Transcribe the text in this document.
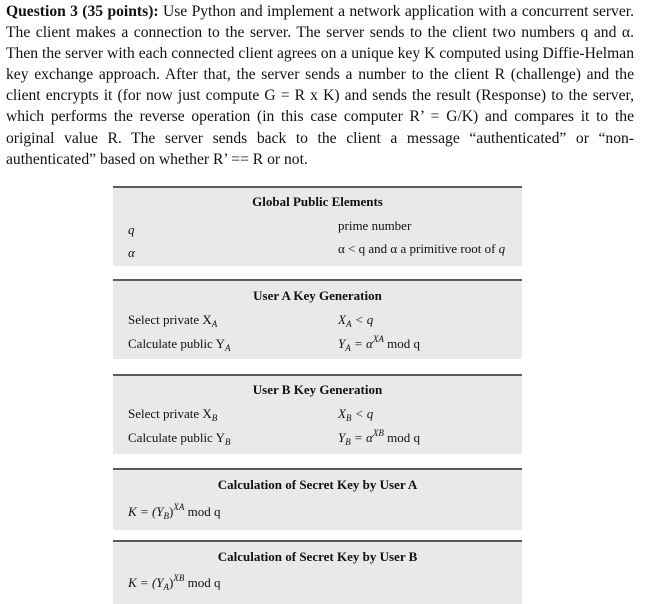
Question 3 (35 points): Use Python and implement a network application with a concurrent server. The client makes a connection to the server. The server sends to the client two numbers q and α. Then the server with each connected client agrees on a unique key K computed using Diffie-Helman key exchange approach. After that, the server sends a number to the client R (challenge) and the client encrypts it (for now just compute G = R x K) and sends the result (Response) to the server, which performs the reverse operation (in this case computer R’ = G/K) and compares it to the original value R. The server sends back to the client a message “authenticated” or “non-authenticated” based on whether R’ == R or not.
Global Public Elements
q	prime number
α	α < q and α a primitive root of q
User A Key Generation
Select private $X_A$	$X_A < q$
Calculate public $Y_A$	$Y_A = \alpha^{XA}$ mod q
User B Key Generation
Select private $X_B$	$X_B < q$
Calculate public $Y_B$	$Y_B = \alpha^{XB}$ mod q
Calculation of Secret Key by User A
$K = (Y_B)^{XA}$ mod q
Calculation of Secret Key by User B
$K = (Y_A)^{XB}$ mod q
